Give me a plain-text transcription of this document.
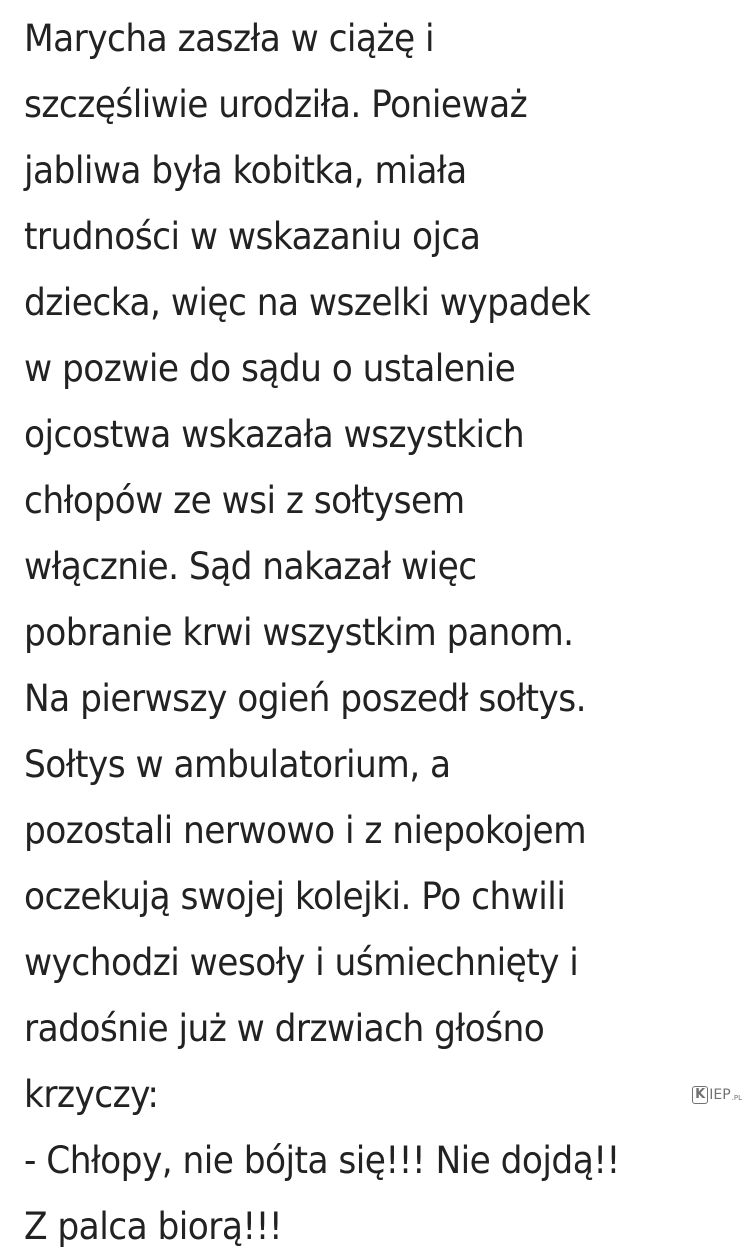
Marycha zaszła w ciążę i
szczęśliwie urodziła. Ponieważ
jabliwa była kobitka, miała
trudności w wskazaniu ojca
dziecka, więc na wszelki wypadek
w pozwie do sądu o ustalenie
ojcostwa wskazała wszystkich
chłopów ze wsi z sołtysem
włącznie. Sąd nakazał więc
pobranie krwi wszystkim panom.
Na pierwszy ogień poszedł sołtys.
Sołtys w ambulatorium, a
pozostali nerwowo i z niepokojem
oczekują swojej kolejki. Po chwili
wychodzi wesoły i uśmiechnięty i
radośnie już w drzwiach głośno
krzyczy:
- Chłopy, nie bójta się!!! Nie dojdą!!
Z palca biorą!!!
K IEP .PL
